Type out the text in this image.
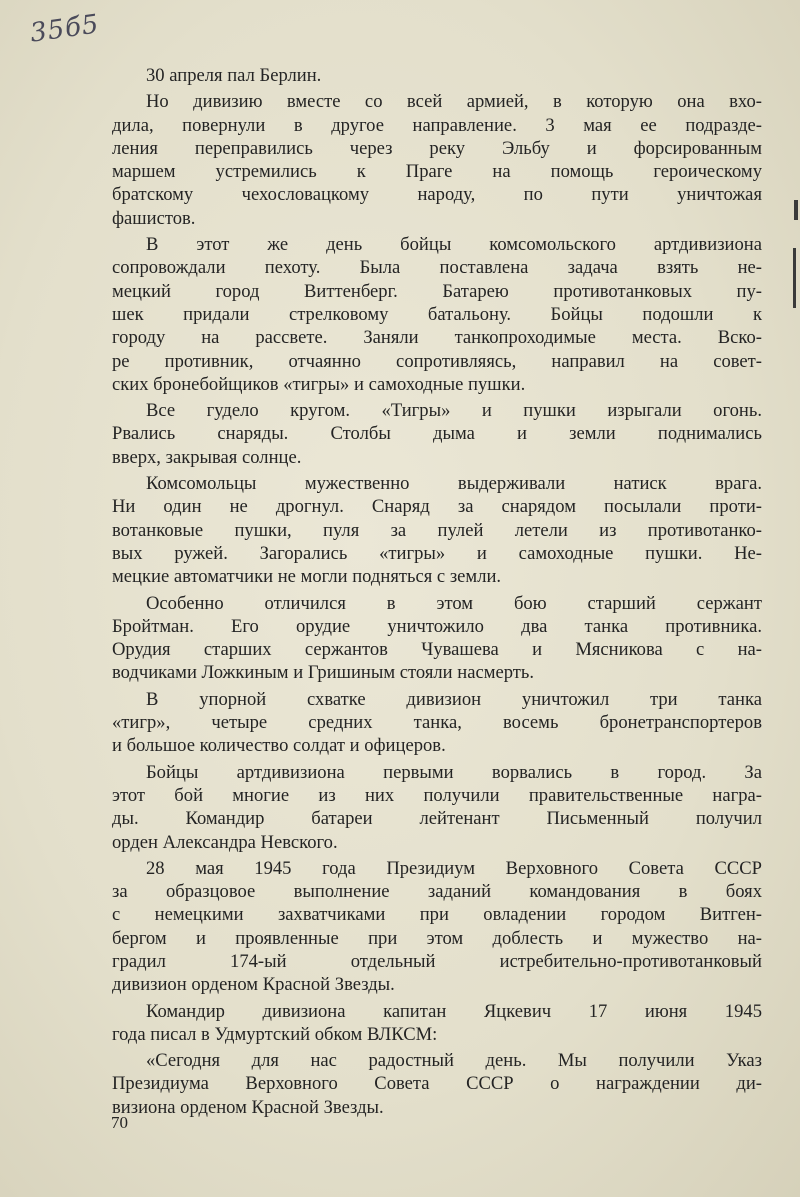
35б5

30 апреля пал Берлин.

Но дивизию вместе со всей армией, в которую она вхо-
дила, повернули в другое направление. 3 мая ее подразде-
ления переправились через реку Эльбу и форсированным
маршем устремились к Праге на помощь героическому
братскому чехословацкому народу, по пути уничтожая
фашистов.

В этот же день бойцы комсомольского артдивизиона
сопровождали пехоту. Была поставлена задача взять не-
мецкий город Виттенберг. Батарею противотанковых пу-
шек придали стрелковому батальону. Бойцы подошли к
городу на рассвете. Заняли танкопроходимые места. Вско-
ре противник, отчаянно сопротивляясь, направил на совет-
ских бронебойщиков «тигры» и самоходные пушки.

Все гудело кругом. «Тигры» и пушки изрыгали огонь.
Рвались снаряды. Столбы дыма и земли поднимались
вверх, закрывая солнце.

Комсомольцы мужественно выдерживали натиск врага.
Ни один не дрогнул. Снаряд за снарядом посылали проти-
вотанковые пушки, пуля за пулей летели из противотанко-
вых ружей. Загорались «тигры» и самоходные пушки. Не-
мецкие автоматчики не могли подняться с земли.

Особенно отличился в этом бою старший сержант
Бройтман. Его орудие уничтожило два танка противника.
Орудия старших сержантов Чувашева и Мясникова с на-
водчиками Ложкиным и Гришиным стояли насмерть.

В упорной схватке дивизион уничтожил три танка
«тигр», четыре средних танка, восемь бронетранспортеров
и большое количество солдат и офицеров.

Бойцы артдивизиона первыми ворвались в город. За
этот бой многие из них получили правительственные награ-
ды. Командир батареи лейтенант Письменный получил
орден Александра Невского.

28 мая 1945 года Президиум Верховного Совета СССР
за образцовое выполнение заданий командования в боях
с немецкими захватчиками при овладении городом Витген-
бергом и проявленные при этом доблесть и мужество на-
градил 174-ый отдельный истребительно-противотанковый
дивизион орденом Красной Звезды.

Командир дивизиона капитан Яцкевич 17 июня 1945
года писал в Удмуртский обком ВЛКСМ:

«Сегодня для нас радостный день. Мы получили Указ
Президиума Верховного Совета СССР о награждении ди-
визиона орденом Красной Звезды.

70
